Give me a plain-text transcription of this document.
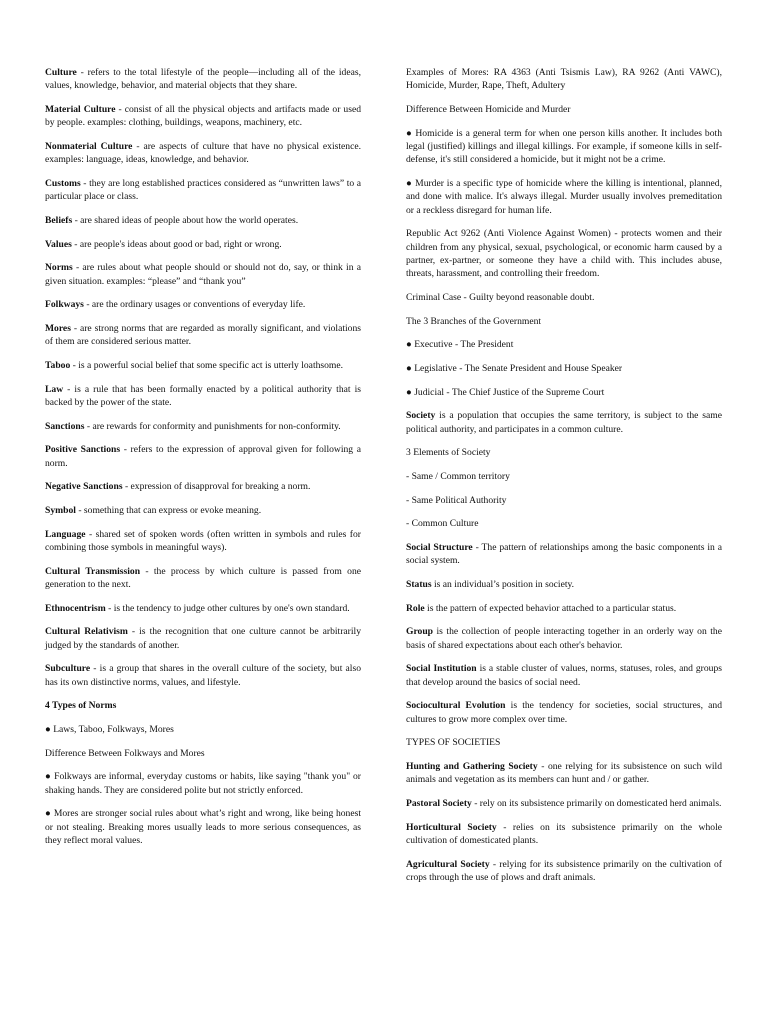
Culture - refers to the total lifestyle of the people—including all of the ideas, values, knowledge, behavior, and material objects that they share.

Material Culture - consist of all the physical objects and artifacts made or used by people. examples: clothing, buildings, weapons, machinery, etc.

Nonmaterial Culture - are aspects of culture that have no physical existence. examples: language, ideas, knowledge, and behavior.

Customs - they are long established practices considered as “unwritten laws” to a particular place or class.

Beliefs - are shared ideas of people about how the world operates.

Values - are people's ideas about good or bad, right or wrong.

Norms - are rules about what people should or should not do, say, or think in a given situation. examples: “please” and “thank you”

Folkways - are the ordinary usages or conventions of everyday life.

Mores - are strong norms that are regarded as morally significant, and violations of them are considered serious matter.

Taboo - is a powerful social belief that some specific act is utterly loathsome.

Law - is a rule that has been formally enacted by a political authority that is backed by the power of the state.

Sanctions - are rewards for conformity and punishments for non-conformity.

Positive Sanctions - refers to the expression of approval given for following a norm.

Negative Sanctions - expression of disapproval for breaking a norm.

Symbol - something that can express or evoke meaning.

Language - shared set of spoken words (often written in symbols and rules for combining those symbols in meaningful ways).

Cultural Transmission - the process by which culture is passed from one generation to the next.

Ethnocentrism - is the tendency to judge other cultures by one's own standard.

Cultural Relativism - is the recognition that one culture cannot be arbitrarily judged by the standards of another.

Subculture - is a group that shares in the overall culture of the society, but also has its own distinctive norms, values, and lifestyle.

4 Types of Norms

● Laws, Taboo, Folkways, Mores

Difference Between Folkways and Mores

● Folkways are informal, everyday customs or habits, like saying "thank you" or shaking hands. They are considered polite but not strictly enforced.

● Mores are stronger social rules about what’s right and wrong, like being honest or not stealing. Breaking mores usually leads to more serious consequences, as they reflect moral values.

Examples of Mores: RA 4363 (Anti Tsismis Law), RA 9262 (Anti VAWC), Homicide, Murder, Rape, Theft, Adultery

Difference Between Homicide and Murder

● Homicide is a general term for when one person kills another. It includes both legal (justified) killings and illegal killings. For example, if someone kills in self-defense, it's still considered a homicide, but it might not be a crime.

● Murder is a specific type of homicide where the killing is intentional, planned, and done with malice. It's always illegal. Murder usually involves premeditation or a reckless disregard for human life.

Republic Act 9262 (Anti Violence Against Women) - protects women and their children from any physical, sexual, psychological, or economic harm caused by a partner, ex-partner, or someone they have a child with. This includes abuse, threats, harassment, and controlling their freedom.

Criminal Case - Guilty beyond reasonable doubt.

The 3 Branches of the Government

● Executive - The President

● Legislative - The Senate President and House Speaker

● Judicial - The Chief Justice of the Supreme Court

Society is a population that occupies the same territory, is subject to the same political authority, and participates in a common culture.

3 Elements of Society

- Same / Common territory

- Same Political Authority

- Common Culture

Social Structure - The pattern of relationships among the basic components in a social system.

Status is an individual’s position in society.

Role is the pattern of expected behavior attached to a particular status.

Group is the collection of people interacting together in an orderly way on the basis of shared expectations about each other's behavior.

Social Institution is a stable cluster of values, norms, statuses, roles, and groups that develop around the basics of social need.

Sociocultural Evolution is the tendency for societies, social structures, and cultures to grow more complex over time.

TYPES OF SOCIETIES

Hunting and Gathering Society - one relying for its subsistence on such wild animals and vegetation as its members can hunt and / or gather.

Pastoral Society - rely on its subsistence primarily on domesticated herd animals.

Horticultural Society - relies on its subsistence primarily on the whole cultivation of domesticated plants.

Agricultural Society - relying for its subsistence primarily on the cultivation of crops through the use of plows and draft animals.
